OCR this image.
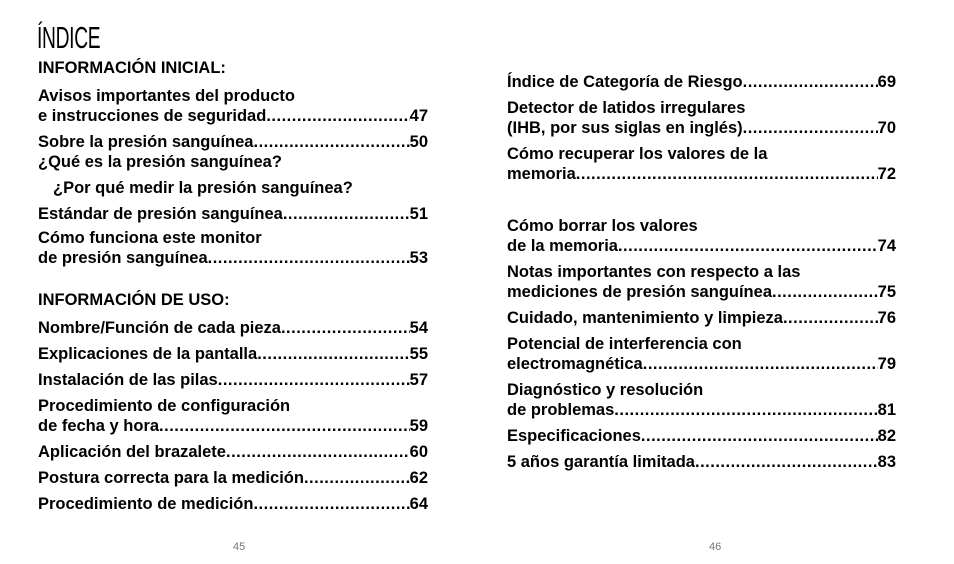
ÍNDICE
INFORMACIÓN INICIAL:
Avisos importantes del producto
e instrucciones de seguridad .....	47
Sobre la presión sanguínea .....	50
¿Qué es la presión sanguínea?
¿Por qué medir la presión sanguínea?
Estándar de presión sanguínea .....	51
Cómo funciona este monitor
de presión sanguínea .....	53
INFORMACIÓN DE USO:
Nombre/Función de cada pieza .....	54
Explicaciones de la pantalla .....	55
Instalación de las pilas .....	57
Procedimiento de configuración
de fecha y hora .....	59
Aplicación del brazalete .....	60
Postura correcta para la medición .....	62
Procedimiento de medición .....	64
Índice de Categoría de Riesgo .....	69
Detector de latidos irregulares
(IHB, por sus siglas en inglés) .....	70
Cómo recuperar los valores de la
memoria .....	72
Cómo borrar los valores
de la memoria .....	74
Notas importantes con respecto a las
mediciones de presión sanguínea .....	75
Cuidado, mantenimiento y limpieza .....	76
Potencial de interferencia con
electromagnética .....	79
Diagnóstico y resolución
de problemas .....	81
Especificaciones .....	82
5 años garantía limitada .....	83
45	46
